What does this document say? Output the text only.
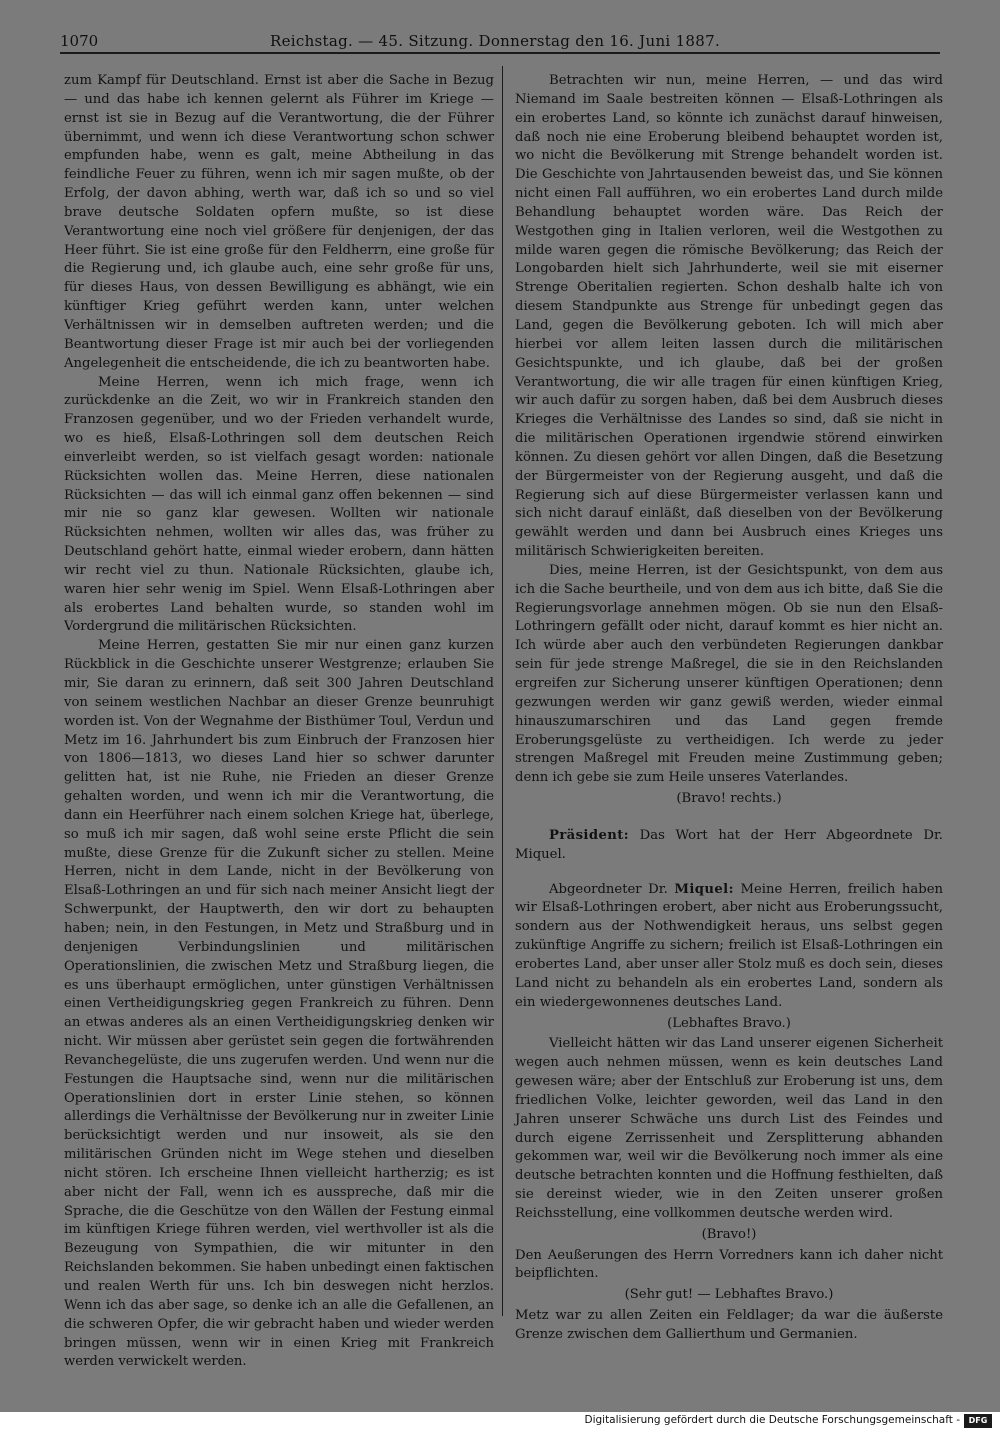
1070	Reichstag. — 45. Sitzung. Donnerstag den 16. Juni 1887.

zum Kampf für Deutschland. Ernst ist aber die Sache in Bezug — und das habe ich kennen gelernt als Führer im Kriege — ernst ist sie in Bezug auf die Verantwortung, die der Führer übernimmt, und wenn ich diese Verantwortung schon schwer empfunden habe, wenn es galt, meine Abtheilung in das feindliche Feuer zu führen, wenn ich mir sagen mußte, ob der Erfolg, der davon abhing, werth war, daß ich so und so viel brave deutsche Soldaten opfern mußte, so ist diese Verantwortung eine noch viel größere für denjenigen, der das Heer führt. Sie ist eine große für den Feldherrn, eine große für die Regierung und, ich glaube auch, eine sehr große für uns, für dieses Haus, von dessen Bewilligung es abhängt, wie ein künftiger Krieg geführt werden kann, unter welchen Verhältnissen wir in demselben auftreten werden; und die Beantwortung dieser Frage ist mir auch bei der vorliegenden Angelegenheit die entscheidende, die ich zu beantworten habe.

Meine Herren, wenn ich mich frage, wenn ich zurückdenke an die Zeit, wo wir in Frankreich standen den Franzosen gegenüber, und wo der Frieden verhandelt wurde, wo es hieß, Elsaß-Lothringen soll dem deutschen Reich einverleibt werden, so ist vielfach gesagt worden: nationale Rücksichten wollen das. Meine Herren, diese nationalen Rücksichten — das will ich einmal ganz offen bekennen — sind mir nie so ganz klar gewesen. Wollten wir nationale Rücksichten nehmen, wollten wir alles das, was früher zu Deutschland gehört hatte, einmal wieder erobern, dann hätten wir recht viel zu thun. Nationale Rücksichten, glaube ich, waren hier sehr wenig im Spiel. Wenn Elsaß-Lothringen aber als erobertes Land behalten wurde, so standen wohl im Vordergrund die militärischen Rücksichten.

Meine Herren, gestatten Sie mir nur einen ganz kurzen Rückblick in die Geschichte unserer Westgrenze; erlauben Sie mir, Sie daran zu erinnern, daß seit 300 Jahren Deutschland von seinem westlichen Nachbar an dieser Grenze beunruhigt worden ist. Von der Wegnahme der Bisthümer Toul, Verdun und Metz im 16. Jahrhundert bis zum Einbruch der Franzosen hier von 1806—1813, wo dieses Land hier so schwer darunter gelitten hat, ist nie Ruhe, nie Frieden an dieser Grenze gehalten worden, und wenn ich mir die Verantwortung, die dann ein Heerführer nach einem solchen Kriege hat, überlege, so muß ich mir sagen, daß wohl seine erste Pflicht die sein mußte, diese Grenze für die Zukunft sicher zu stellen. Meine Herren, nicht in dem Lande, nicht in der Bevölkerung von Elsaß-Lothringen an und für sich nach meiner Ansicht liegt der Schwerpunkt, der Hauptwerth, den wir dort zu behaupten haben; nein, in den Festungen, in Metz und Straßburg und in denjenigen Verbindungslinien und militärischen Operationslinien, die zwischen Metz und Straßburg liegen, die es uns überhaupt ermöglichen, unter günstigen Verhältnissen einen Vertheidigungskrieg gegen Frankreich zu führen. Denn an etwas anderes als an einen Vertheidigungskrieg denken wir nicht. Wir müssen aber gerüstet sein gegen die fortwährenden Revanchegelüste, die uns zugerufen werden. Und wenn nur die Festungen die Hauptsache sind, wenn nur die militärischen Operationslinien dort in erster Linie stehen, so können allerdings die Verhältnisse der Bevölkerung nur in zweiter Linie berücksichtigt werden und nur insoweit, als sie den militärischen Gründen nicht im Wege stehen und dieselben nicht stören. Ich erscheine Ihnen vielleicht hartherzig; es ist aber nicht der Fall, wenn ich es ausspreche, daß mir die Sprache, die die Geschütze von den Wällen der Festung einmal im künftigen Kriege führen werden, viel werthvoller ist als die Bezeugung von Sympathien, die wir mitunter in den Reichslanden bekommen. Sie haben unbedingt einen faktischen und realen Werth für uns. Ich bin deswegen nicht herzlos. Wenn ich das aber sage, so denke ich an alle die Gefallenen, an die schweren Opfer, die wir gebracht haben und wieder werden bringen müssen, wenn wir in einen Krieg mit Frankreich werden verwickelt werden.

Betrachten wir nun, meine Herren, — und das wird Niemand im Saale bestreiten können — Elsaß-Lothringen als ein erobertes Land, so könnte ich zunächst darauf hinweisen, daß noch nie eine Eroberung bleibend behauptet worden ist, wo nicht die Bevölkerung mit Strenge behandelt worden ist. Die Geschichte von Jahrtausenden beweist das, und Sie können nicht einen Fall aufführen, wo ein erobertes Land durch milde Behandlung behauptet worden wäre. Das Reich der Westgothen ging in Italien verloren, weil die Westgothen zu milde waren gegen die römische Bevölkerung; das Reich der Longobarden hielt sich Jahrhunderte, weil sie mit eiserner Strenge Oberitalien regierten. Schon deshalb halte ich von diesem Standpunkte aus Strenge für unbedingt gegen das Land, gegen die Bevölkerung geboten. Ich will mich aber hierbei vor allem leiten lassen durch die militärischen Gesichtspunkte, und ich glaube, daß bei der großen Verantwortung, die wir alle tragen für einen künftigen Krieg, wir auch dafür zu sorgen haben, daß bei dem Ausbruch dieses Krieges die Verhältnisse des Landes so sind, daß sie nicht in die militärischen Operationen irgendwie störend einwirken können. Zu diesen gehört vor allen Dingen, daß die Besetzung der Bürgermeister von der Regierung ausgeht, und daß die Regierung sich auf diese Bürgermeister verlassen kann und sich nicht darauf einläßt, daß dieselben von der Bevölkerung gewählt werden und dann bei Ausbruch eines Krieges uns militärisch Schwierigkeiten bereiten.

Dies, meine Herren, ist der Gesichtspunkt, von dem aus ich die Sache beurtheile, und von dem aus ich bitte, daß Sie die Regierungsvorlage annehmen mögen. Ob sie nun den Elsaß-Lothringern gefällt oder nicht, darauf kommt es hier nicht an. Ich würde aber auch den verbündeten Regierungen dankbar sein für jede strenge Maßregel, die sie in den Reichslanden ergreifen zur Sicherung unserer künftigen Operationen; denn gezwungen werden wir ganz gewiß werden, wieder einmal hinauszumarschiren und das Land gegen fremde Eroberungsgelüste zu vertheidigen. Ich werde zu jeder strengen Maßregel mit Freuden meine Zustimmung geben; denn ich gebe sie zum Heile unseres Vaterlandes.

(Bravo! rechts.)

Präsident: Das Wort hat der Herr Abgeordnete Dr. Miquel.

Abgeordneter Dr. Miquel: Meine Herren, freilich haben wir Elsaß-Lothringen erobert, aber nicht aus Eroberungssucht, sondern aus der Nothwendigkeit heraus, uns selbst gegen zukünftige Angriffe zu sichern; freilich ist Elsaß-Lothringen ein erobertes Land, aber unser aller Stolz muß es doch sein, dieses Land nicht zu behandeln als ein erobertes Land, sondern als ein wiedergewonnenes deutsches Land.

(Lebhaftes Bravo.)

Vielleicht hätten wir das Land unserer eigenen Sicherheit wegen auch nehmen müssen, wenn es kein deutsches Land gewesen wäre; aber der Entschluß zur Eroberung ist uns, dem friedlichen Volke, leichter geworden, weil das Land in den Jahren unserer Schwäche uns durch List des Feindes und durch eigene Zerrissenheit und Zersplitterung abhanden gekommen war, weil wir die Bevölkerung noch immer als eine deutsche betrachten konnten und die Hoffnung festhielten, daß sie dereinst wieder, wie in den Zeiten unserer großen Reichsstellung, eine vollkommen deutsche werden wird.

(Bravo!)

Den Aeußerungen des Herrn Vorredners kann ich daher nicht beipflichten.

(Sehr gut! — Lebhaftes Bravo.)

Metz war zu allen Zeiten ein Feldlager; da war die äußerste Grenze zwischen dem Gallierthum und Germanien.

Digitalisierung gefördert durch die Deutsche Forschungsgemeinschaft -	DFG
